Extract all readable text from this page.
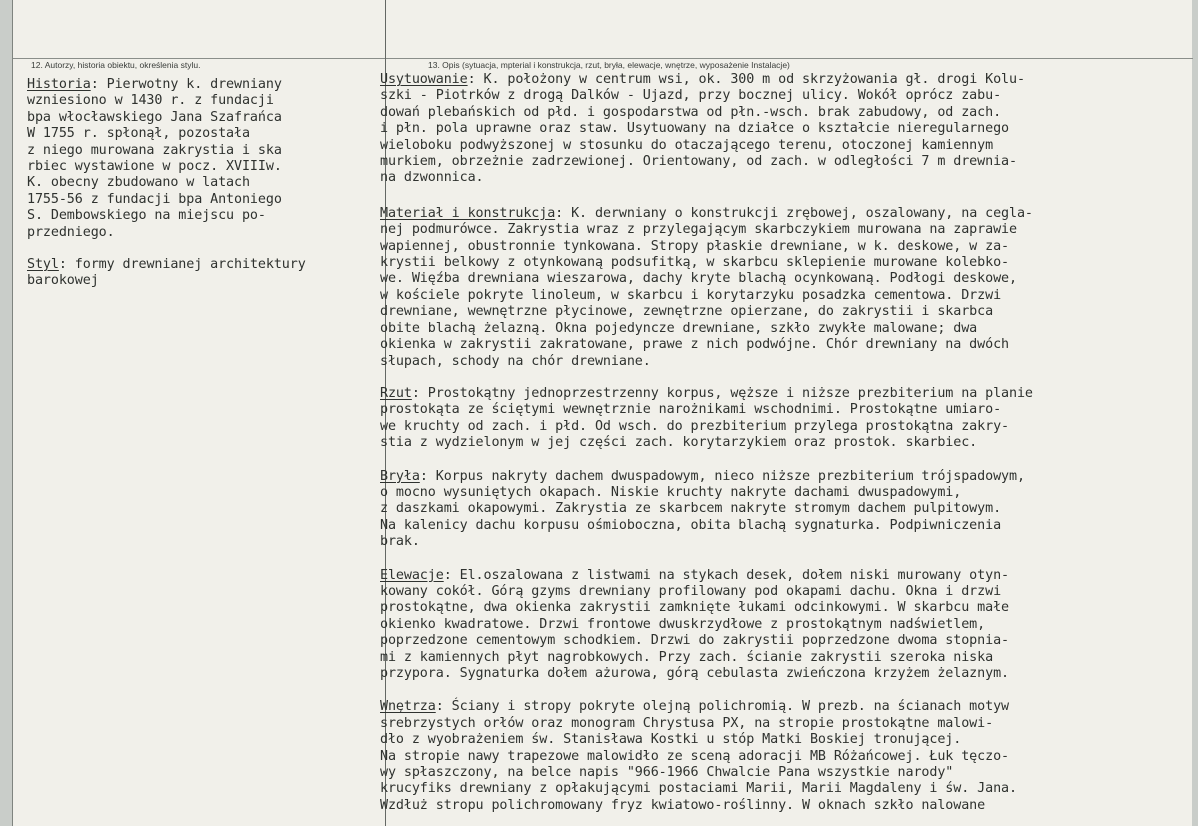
12. Autorzy, historia obiektu, określenia stylu.	13. Opis (sytuacja, mpterial i konstrukcja, rzut, bryła, elewacje, wnętrze, wyposażenie Instalacje)

Historia: Pierwotny k. drewniany
wzniesiono w 1430 r. z fundacji
bpa włocławskiego Jana Szafrańca
W 1755 r. spłonął, pozostała
z niego murowana zakrystia i ska
rbiec wystawione w pocz. XVIIIw.
K. obecny zbudowano w latach
1755-56 z fundacji bpa Antoniego
S. Dembowskiego na miejscu po-
przedniego.

Styl: formy drewnianej architektury
barokowej

Usytuowanie: K. położony w centrum wsi, ok. 300 m od skrzyżowania gł. drogi Kolu-
szki - Piotrków z drogą Dalków - Ujazd, przy bocznej ulicy. Wokół oprócz zabu-
dowań plebańskich od płd. i gospodarstwa od płn.-wsch. brak zabudowy, od zach.
i płn. pola uprawne oraz staw. Usytuowany na działce o kształcie nieregularnego
wieloboku podwyższonej w stosunku do otaczającego terenu, otoczonej kamiennym
murkiem, obrzeżnie zadrzewionej. Orientowany, od zach. w odległości 7 m drewnia-
na dzwonnica.

Materiał i konstrukcja: K. derwniany o konstrukcji zrębowej, oszalowany, na cegla-
nej podmurówce. Zakrystia wraz z przylegającym skarbczykiem murowana na zaprawie
wapiennej, obustronnie tynkowana. Stropy płaskie drewniane, w k. deskowe, w za-
krystii belkowy z otynkowaną podsufitką, w skarbcu sklepienie murowane kolebko-
we. Więźba drewniana wieszarowa, dachy kryte blachą ocynkowaną. Podłogi deskowe,
w kościele pokryte linoleum, w skarbcu i korytarzyku posadzka cementowa. Drzwi
drewniane, wewnętrzne płycinowe, zewnętrzne opierzane, do zakrystii i skarbca
obite blachą żelazną. Okna pojedyncze drewniane, szkło zwykłe malowane; dwa
okienka w zakrystii zakratowane, prawe z nich podwójne. Chór drewniany na dwóch
słupach, schody na chór drewniane.

Rzut: Prostokątny jednoprzestrzenny korpus, węższe i niższe prezbiterium na planie
prostokąta ze ściętymi wewnętrznie narożnikami wschodnimi. Prostokątne umiaro-
we kruchty od zach. i płd. Od wsch. do prezbiterium przylega prostokątna zakry-
stia z wydzielonym w jej części zach. korytarzykiem oraz prostok. skarbiec.

Bryła: Korpus nakryty dachem dwuspadowym, nieco niższe prezbiterium trójspadowym,
o mocno wysuniętych okapach. Niskie kruchty nakryte dachami dwuspadowymi,
z daszkami okapowymi. Zakrystia ze skarbcem nakryte stromym dachem pulpitowym.
Na kalenicy dachu korpusu ośmioboczna, obita blachą sygnaturka. Podpiwniczenia
brak.

Elewacje: El.oszalowana z listwami na stykach desek, dołem niski murowany otyn-
kowany cokół. Górą gzyms drewniany profilowany pod okapami dachu. Okna i drzwi
prostokątne, dwa okienka zakrystii zamknięte łukami odcinkowymi. W skarbcu małe
okienko kwadratowe. Drzwi frontowe dwuskrzydłowe z prostokątnym nadświetlem,
poprzedzone cementowym schodkiem. Drzwi do zakrystii poprzedzone dwoma stopnia-
mi z kamiennych płyt nagrobkowych. Przy zach. ścianie zakrystii szeroka niska
przypora. Sygnaturka dołem ażurowa, górą cebulasta zwieńczona krzyżem żelaznym.

Wnętrza: Ściany i stropy pokryte olejną polichromią. W prezb. na ścianach motyw
srebrzystych orłów oraz monogram Chrystusa PX, na stropie prostokątne malowi-
dło z wyobrażeniem św. Stanisława Kostki u stóp Matki Boskiej tronującej.
Na stropie nawy trapezowe malowidło ze sceną adoracji MB Różańcowej. Łuk tęczo-
wy spłaszczony, na belce napis "966-1966 Chwalcie Pana wszystkie narody"
krucyfiks drewniany z opłakującymi postaciami Marii, Marii Magdaleny i św. Jana.
Wzdłuż stropu polichromowany fryz kwiatowo-roślinny. W oknach szkło nalowane
